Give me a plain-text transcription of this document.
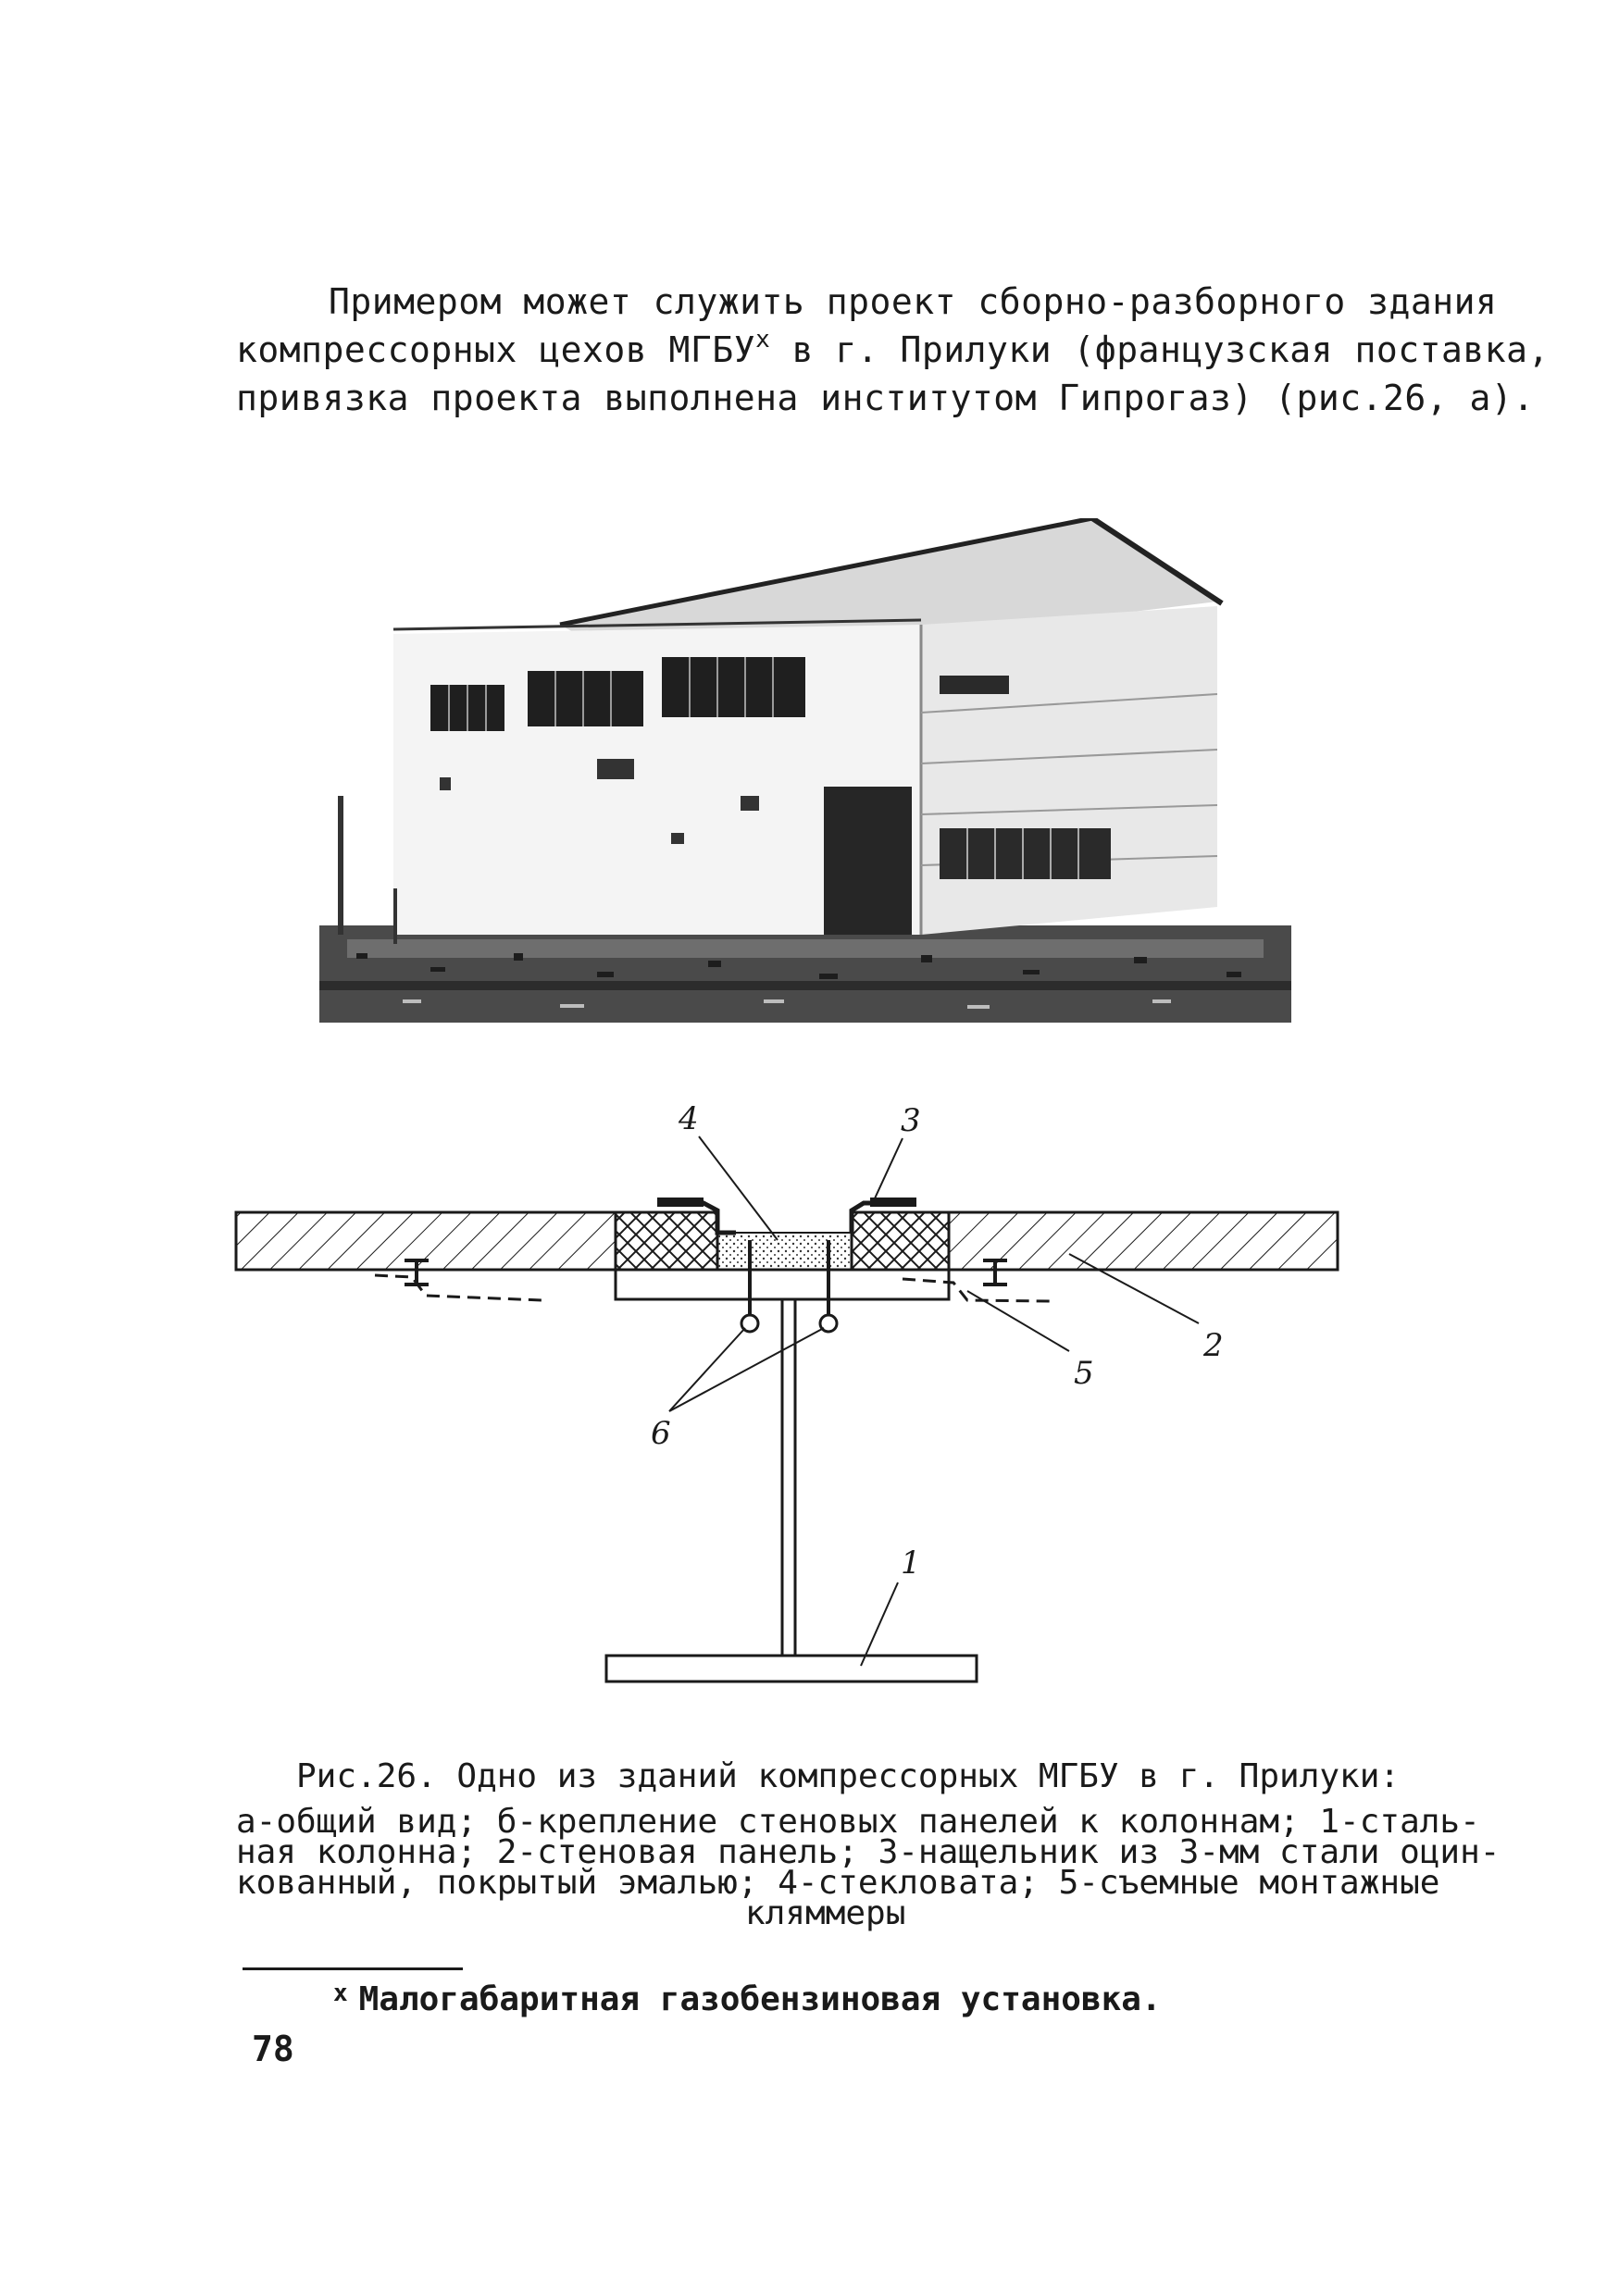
Примером может служить проект сборно-разборного здания

компрессорных цехов $МГБУ^х$ в г. Прилуки (французская поставка,

привязка проекта выполнена институтом Гипрогаз) (рис.26, а).

1
2
3
4
5
6
Рис.26. Одно из зданий компрессорных МГБУ в г. Прилуки:
а-общий вид; б-крепление стеновых панелей к колоннам; 1-сталь-
ная колонна; 2-стеновая панель; 3-нащельник из 3-мм стали оцин-
кованный, покрытый эмалью; 4-стекловата; 5-съемные монтажные
кляммеры
$^х$ Малогабаритная газобензиновая установка.
78
